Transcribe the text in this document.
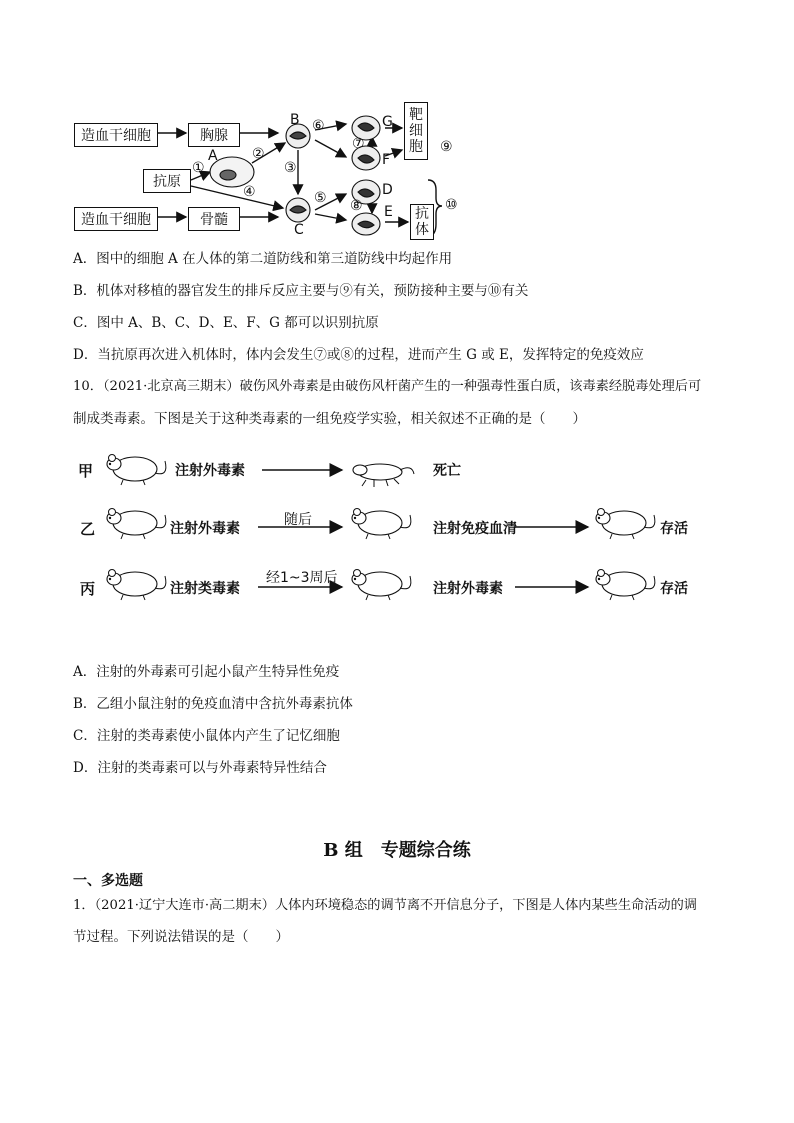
造血干细胞	胸腺
抗原
造血干细胞	骨髓
靶
细
胞
抗
体
A
B
C
G
F
D
E
①
②
③
④	⑤
⑥
⑦
⑧
⑨
⑩
A．图中的细胞 A 在人体的第二道防线和第三道防线中均起作用
B．机体对移植的器官发生的排斥反应主要与⑨有关，预防接种主要与⑩有关
C．图中 A、B、C、D、E、F、G 都可以识别抗原
D．当抗原再次进入机体时，体内会发生⑦或⑧的过程，进而产生 G 或 E，发挥特定的免疫效应
10．（2021·北京高三期末）破伤风外毒素是由破伤风杆菌产生的一种强毒性蛋白质，该毒素经脱毒处理后可
制成类毒素。下图是关于这种类毒素的一组免疫学实验，相关叙述不正确的是（　　）
甲	注射外毒素	死亡
乙	注射外毒素
随后
注射免疫血清	存活
丙	注射类毒素
经1~3周后
注射外毒素	存活
A．注射的外毒素可引起小鼠产生特异性免疫
B．乙组小鼠注射的免疫血清中含抗外毒素抗体
C．注射的类毒素使小鼠体内产生了记忆细胞
D．注射的类毒素可以与外毒素特异性结合
B 组　专题综合练
一、多选题
1．（2021·辽宁大连市·高二期末）人体内环境稳态的调节离不开信息分子，下图是人体内某些生命活动的调
节过程。下列说法错误的是（　　）
